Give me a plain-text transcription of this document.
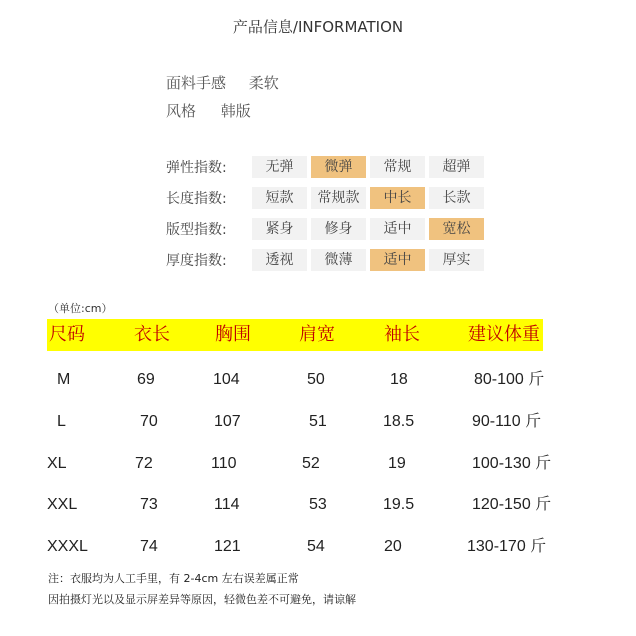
产品信息/INFORMATION
面料手感 柔软
风格 韩版
弹性指数:	无弹	微弹	常规	超弹
长度指数:	短款	常规款	中长	长款
版型指数:	紧身	修身	适中	宽松
厚度指数:	透视	微薄	适中	厚实
（单位:cm）
尺码	衣长	胸围	肩宽	袖长	建议体重
M	69	104	50	18	80-100 斤
L	70	107	51	18.5	90-110 斤
XL	72	110	52	19	100-130 斤
XXL	73	114	53	19.5	120-150 斤
XXXL	74	121	54	20	130-170 斤
注：衣服均为人工手里，有 2-4cm 左右误差属正常
因拍摄灯光以及显示屏差异等原因，轻微色差不可避免，请谅解
